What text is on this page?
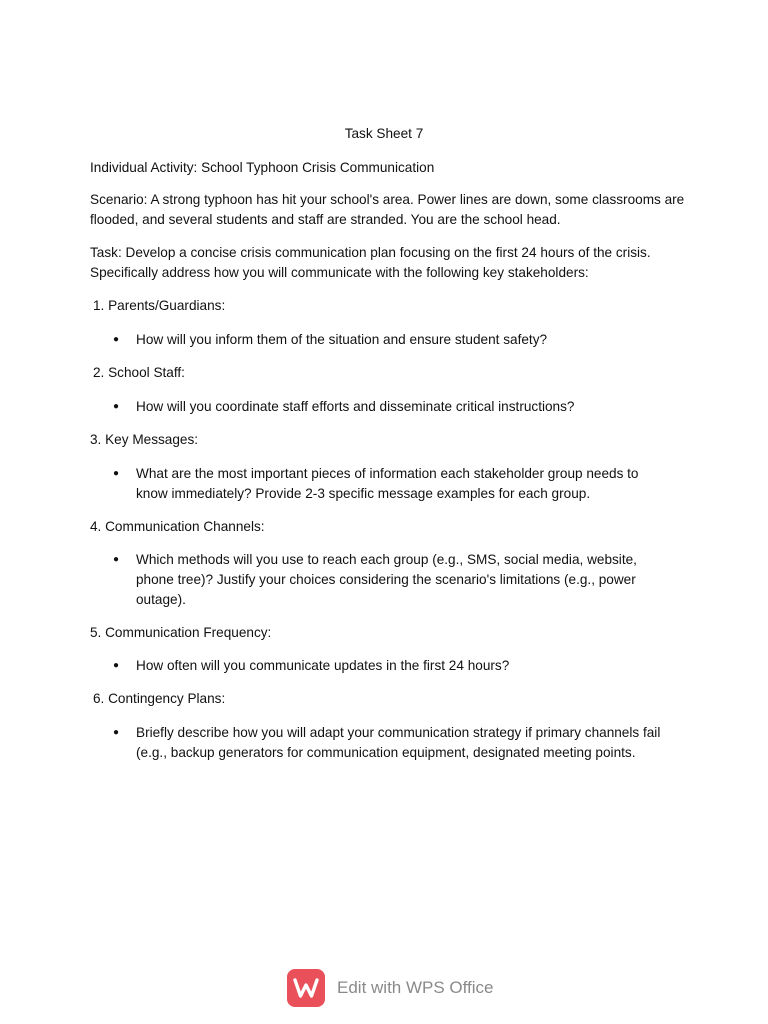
Task Sheet 7
Individual Activity: School Typhoon Crisis Communication
Scenario: A strong typhoon has hit your school's area. Power lines are down, some classrooms are flooded, and several students and staff are stranded. You are the school head.
Task: Develop a concise crisis communication plan focusing on the first 24 hours of the crisis. Specifically address how you will communicate with the following key stakeholders:
1. Parents/Guardians:
● How will you inform them of the situation and ensure student safety?
2. School Staff:
● How will you coordinate staff efforts and disseminate critical instructions?
3. Key Messages:
● What are the most important pieces of information each stakeholder group needs to know immediately? Provide 2-3 specific message examples for each group.
4. Communication Channels:
● Which methods will you use to reach each group (e.g., SMS, social media, website, phone tree)? Justify your choices considering the scenario's limitations (e.g., power outage).
5. Communication Frequency:
● How often will you communicate updates in the first 24 hours?
6. Contingency Plans:
● Briefly describe how you will adapt your communication strategy if primary channels fail (e.g., backup generators for communication equipment, designated meeting points.
Edit with WPS Office
